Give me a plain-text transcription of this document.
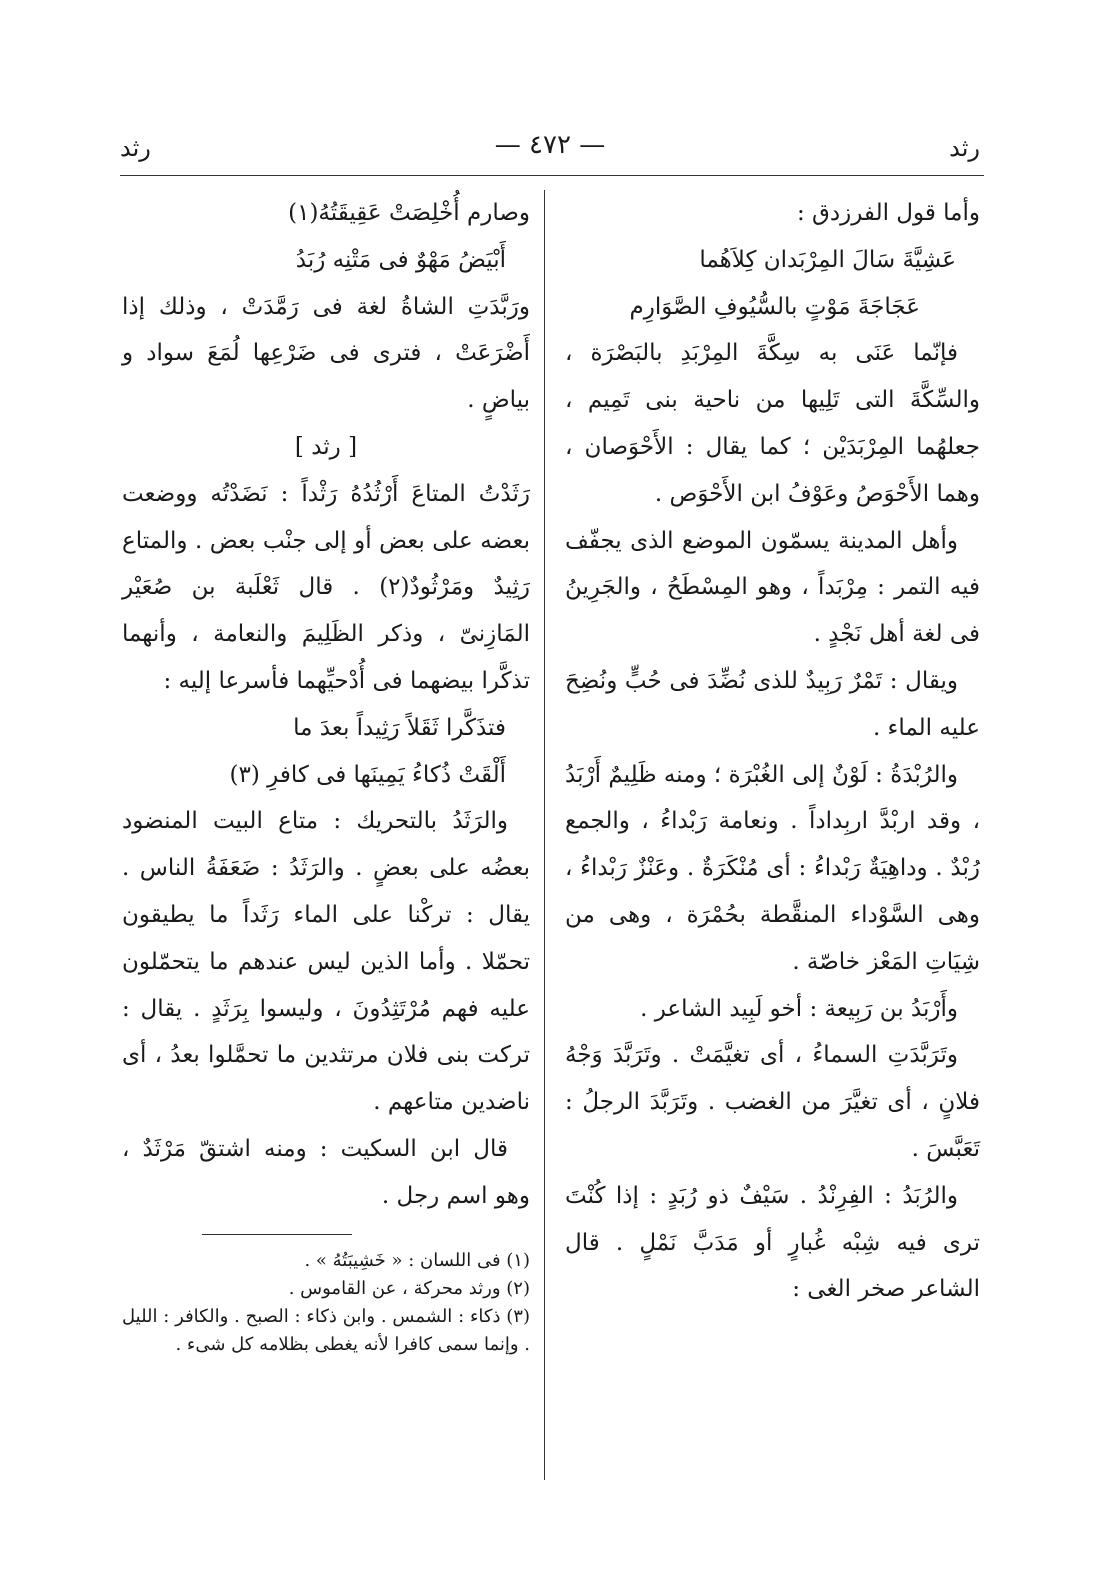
رثد
— ٤٧٢ —
رثد

وأما قول الفرزدق :

عَشِيَّةَ سَالَ المِرْبَدان كِلاَهُما

عَجَاجَةَ مَوْتٍ بالسُّيُوفِ الصَّوَارِم

فإنّما عَنَى به سِكَّةَ المِرْبَدِ بالبَصْرَة ، والسِّكَّةَ التى تَلِيها من ناحية بنى تَمِيم ، جعلهُما المِرْبَدَيْن ؛ كما يقال : الأَحْوَصان ، وهما الأَحْوَصُ وعَوْفُ ابن الأَحْوَص .

وأهل المدينة يسمّون الموضع الذى يجفّف فيه التمر : مِرْبَداً ، وهو المِسْطَحُ ، والجَرِينُ فى لغة أهل نَجْدٍ .

ويقال : تَمْرٌ رَبِيدٌ للذى نُضِّدَ فى حُبٍّ ونُضِحَ عليه الماء .

والرُبْدَةُ : لَوْنٌ إلى الغُبْرَة ؛ ومنه ظَلِيمٌ أَرْبَدُ ، وقد اربْدَّ اربِداداً . ونعامة رَبْداءُ ، والجمع رُبْدٌ . وداهِيَةٌ رَبْداءُ : أى مُنْكَرَةٌ . وعَنْزٌ رَبْداءُ ، وهى السَّوْداء المنقَّطة بحُمْرَة ، وهى من شِيَاتِ المَعْز خاصّة .

وأَرْبَدُ بن رَبِيعة : أخو لَبِيد الشاعر .

وتَرَبَّدَتِ السماءُ ، أى تغيَّمَتْ . وتَرَبَّدَ وَجْهُ فلانٍ ، أى تغيَّرَ من الغضب . وتَرَبَّدَ الرجلُ : تَعَبَّسَ .

والرُبَدُ : الفِرِنْدُ . سَيْفٌ ذو رُبَدٍ : إذا كُنْتَ ترى فيه شِبْه غُبارٍ أو مَدَبَّ نَمْلٍ . قال الشاعر صخر الغى :

وصارم أُخْلِصَتْ عَقِيقَتُهُ(١)

أَبْيَضُ مَهْوٌ فى مَتْنِه رُبَدُ

ورَبَّدَتِ الشاةُ لغة فى رَمَّدَتْ ، وذلك إذا أَضْرَعَتْ ، فترى فى ضَرْعِها لُمَعَ سواد و بياضٍ .

[ رثد ]

رَثَدْتُ المتاعَ أَرْثُدُهُ رَثْداً : نَضَدْتُه ووضعت بعضه على بعض أو إلى جنْب بعض . والمتاع رَثِيدٌ ومَرْثُودٌ(٢) . قال ثَعْلَبة بن صُعَيْر المَازِنىّ ، وذكر الظَلِيمَ والنعامة ، وأنهما تذكَّرا بيضهما فى أُدْحيِّهما فأسرعا إليه :

فتذَكَّرا ثَقَلاً رَثِيداً بعدَ ما

أَلْقَتْ ذُكاءُ يَمِينَها فى كافرِ (٣)

والرَثَدُ بالتحريك : متاع البيت المنضود بعضُه على بعضٍ . والرَثَدُ : ضَعَفَةُ الناس . يقال : تركْنا على الماء رَثَداً ما يطيقون تحمّلا . وأما الذين ليس عندهم ما يتحمّلون عليه فهم مُرْتَثِدُونَ ، وليسوا بِرَثَدٍ . يقال : تركت بنى فلان مرتثدين ما تحمَّلوا بعدُ ، أى ناضدين متاعهم .

قال ابن السكيت : ومنه اشتقّ مَرْثَدٌ ، وهو اسم رجل .

(١) فى اللسان : « خَشِيبَتُهُ » .

(٢) ورثد محركة ، عن القاموس .

(٣) ذكاء : الشمس . وابن ذكاء : الصبح . والكافر : الليل . وإنما سمى كافرا لأنه يغطى بظلامه كل شىء .
